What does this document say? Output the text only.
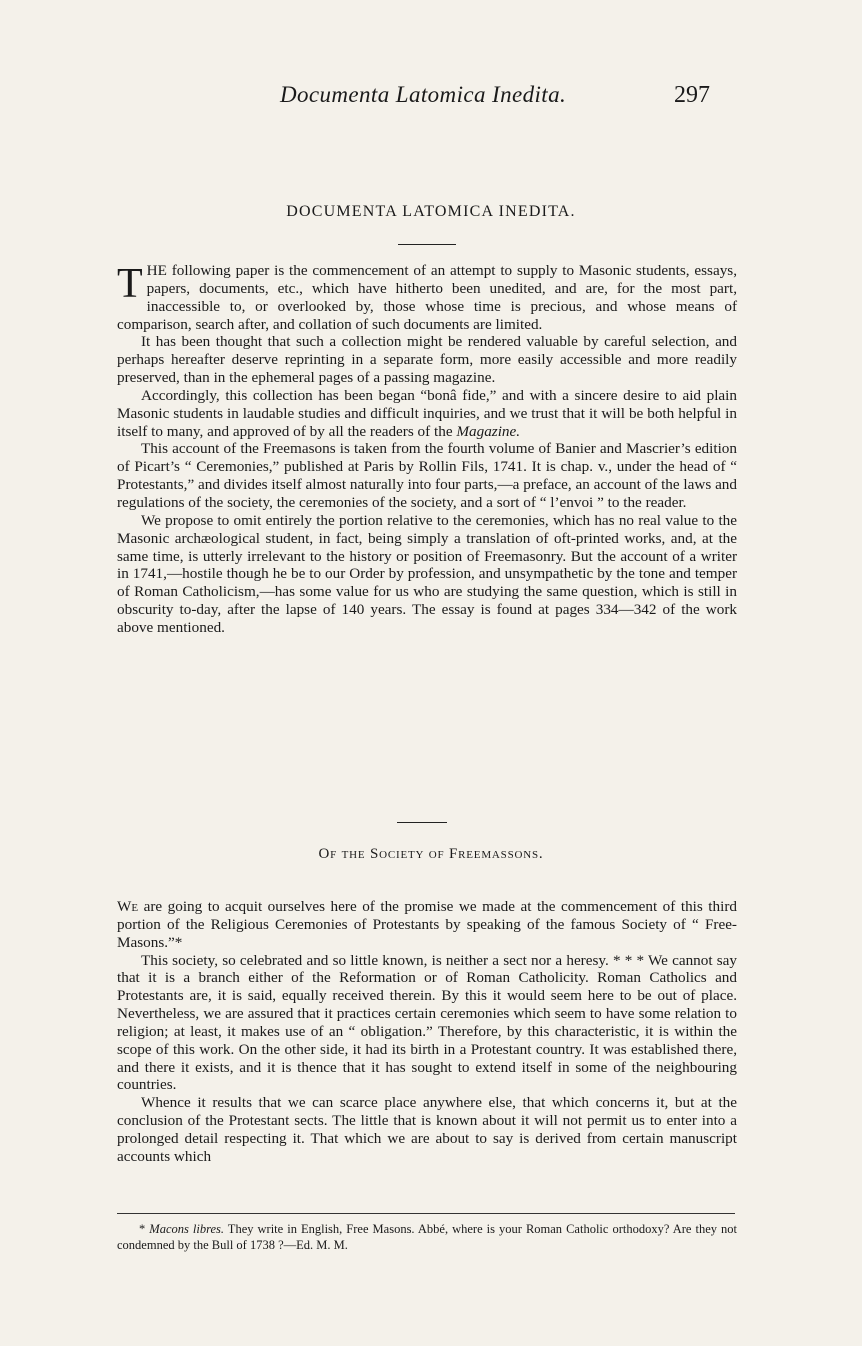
Documenta Latomica Inedita.	297
DOCUMENTA LATOMICA INEDITA.

THE following paper is the commencement of an attempt to supply to Masonic students, essays, papers, documents, etc., which have hitherto been unedited, and are, for the most part, inaccessible to, or overlooked by, those whose time is precious, and whose means of comparison, search after, and collation of such documents are limited.

It has been thought that such a collection might be rendered valuable by careful selection, and perhaps hereafter deserve reprinting in a separate form, more easily accessible and more readily preserved, than in the ephemeral pages of a passing magazine.

Accordingly, this collection has been began “bonâ fide,” and with a sincere desire to aid plain Masonic students in laudable studies and difficult inquiries, and we trust that it will be both helpful in itself to many, and approved of by all the readers of the Magazine.

This account of the Freemasons is taken from the fourth volume of Banier and Mascrier’s edition of Picart’s “ Ceremonies,” published at Paris by Rollin Fils, 1741. It is chap. v., under the head of “ Protestants,” and divides itself almost naturally into four parts,—a preface, an account of the laws and regulations of the society, the ceremonies of the society, and a sort of “ l’envoi ” to the reader.

We propose to omit entirely the portion relative to the ceremonies, which has no real value to the Masonic archæological student, in fact, being simply a translation of oft-printed works, and, at the same time, is utterly irrelevant to the history or position of Freemasonry. But the account of a writer in 1741,—hostile though he be to our Order by profession, and unsympathetic by the tone and temper of Roman Catholicism,—has some value for us who are studying the same question, which is still in obscurity to-day, after the lapse of 140 years. The essay is found at pages 334—342 of the work above mentioned.

Of the Society of Freemassons.

We are going to acquit ourselves here of the promise we made at the commencement of this third portion of the Religious Ceremonies of Protestants by speaking of the famous Society of “ Free-Masons.”*

This society, so celebrated and so little known, is neither a sect nor a heresy. * * * We cannot say that it is a branch either of the Reformation or of Roman Catholicity. Roman Catholics and Protestants are, it is said, equally received therein. By this it would seem here to be out of place. Nevertheless, we are assured that it practices certain ceremonies which seem to have some relation to religion; at least, it makes use of an “ obligation.” Therefore, by this characteristic, it is within the scope of this work. On the other side, it had its birth in a Protestant country. It was established there, and there it exists, and it is thence that it has sought to extend itself in some of the neighbouring countries.

Whence it results that we can scarce place anywhere else, that which concerns it, but at the conclusion of the Protestant sects. The little that is known about it will not permit us to enter into a prolonged detail respecting it. That which we are about to say is derived from certain manuscript accounts which

* Macons libres. They write in English, Free Masons. Abbé, where is your Roman Catholic orthodoxy? Are they not condemned by the Bull of 1738 ?—Ed. M. M.
